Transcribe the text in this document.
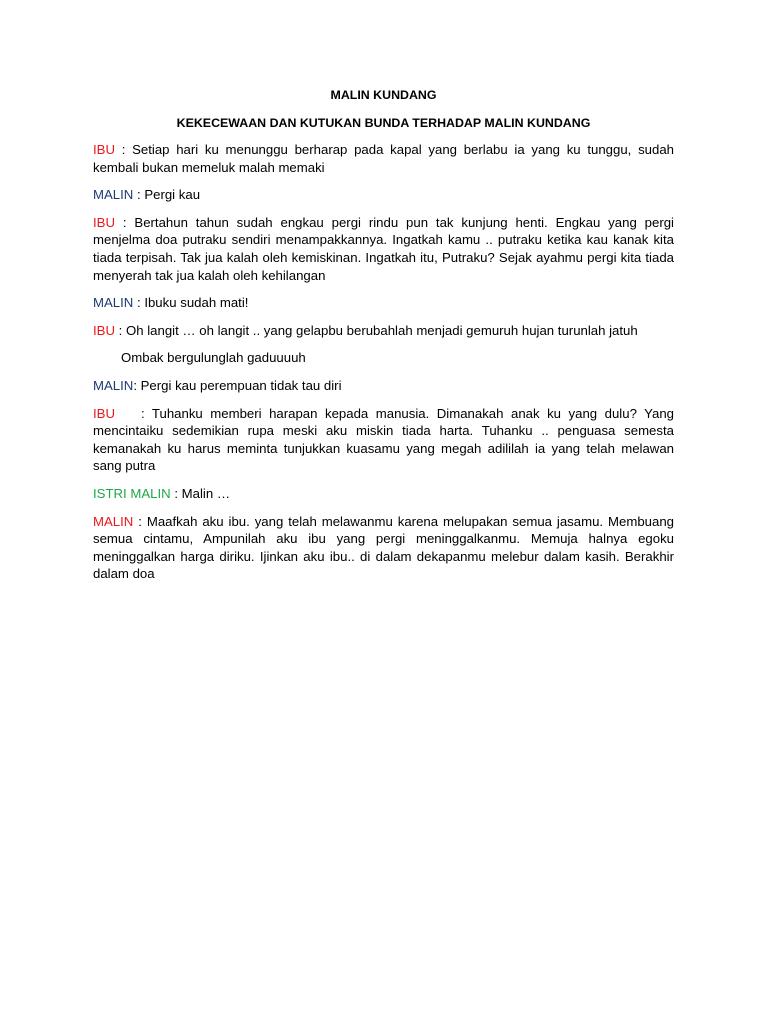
MALIN KUNDANG
KEKECEWAAN DAN KUTUKAN BUNDA TERHADAP MALIN KUNDANG

IBU : Setiap hari ku menunggu berharap pada kapal yang berlabu ia yang ku tunggu, sudah kembali bukan memeluk malah memaki

MALIN : Pergi kau

IBU : Bertahun tahun sudah engkau pergi rindu pun tak kunjung henti. Engkau yang pergi menjelma doa putraku sendiri menampakkannya. Ingatkah kamu .. putraku ketika kau kanak kita tiada terpisah. Tak jua kalah oleh kemiskinan. Ingatkah itu, Putraku? Sejak ayahmu pergi kita tiada menyerah tak jua kalah oleh kehilangan

MALIN : Ibuku sudah mati!

IBU : Oh langit … oh langit .. yang gelapbu berubahlah menjadi gemuruh hujan turunlah jatuh

Ombak bergulunglah gaduuuuh

MALIN: Pergi kau perempuan tidak tau diri

IBU : Tuhanku memberi harapan kepada manusia. Dimanakah anak ku yang dulu? Yang mencintaiku sedemikian rupa meski aku miskin tiada harta. Tuhanku .. penguasa semesta kemanakah ku harus meminta tunjukkan kuasamu yang megah adililah ia yang telah melawan sang putra

ISTRI MALIN : Malin …

MALIN : Maafkah aku ibu. yang telah melawanmu karena melupakan semua jasamu. Membuang semua cintamu, Ampunilah aku ibu yang pergi meninggalkanmu. Memuja halnya egoku meninggalkan harga diriku. Ijinkan aku ibu.. di dalam dekapanmu melebur dalam kasih. Berakhir dalam doa
